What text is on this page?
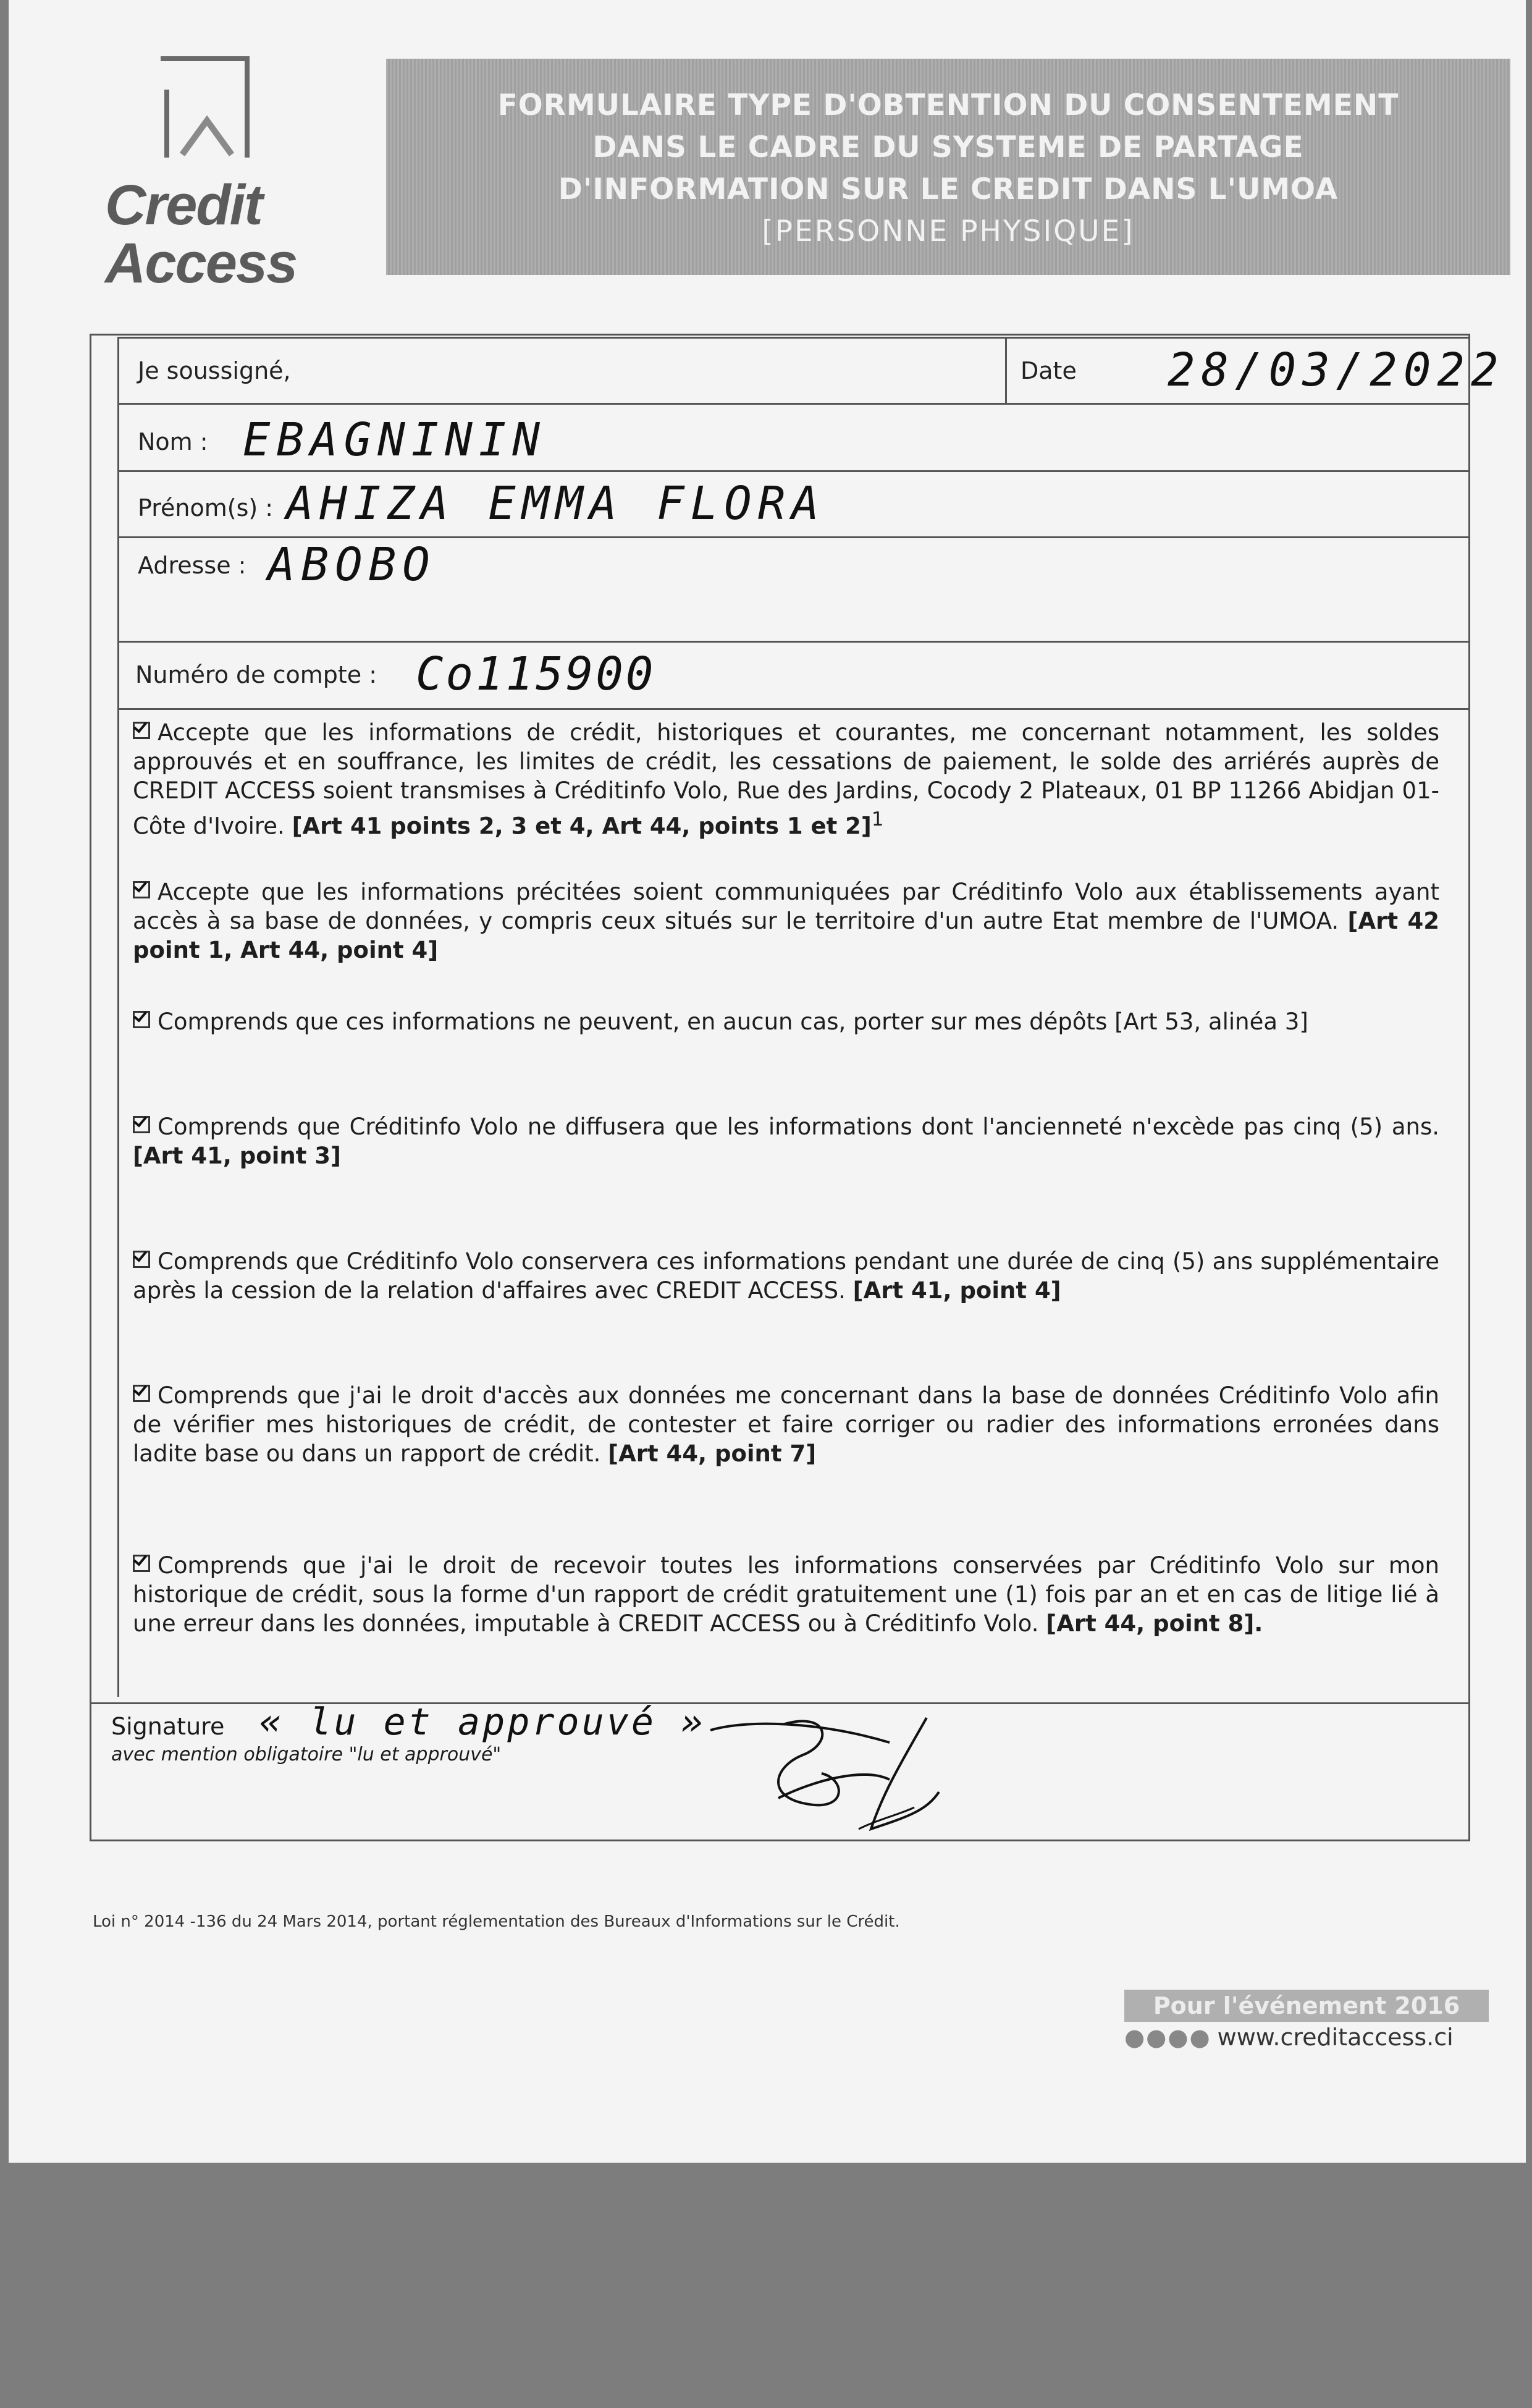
Credit
Access
FORMULAIRE TYPE D'OBTENTION DU CONSENTEMENT
DANS LE CADRE DU SYSTEME DE PARTAGE
D'INFORMATION SUR LE CREDIT DANS L'UMOA
[PERSONNE PHYSIQUE]
Je soussigné,	Date 28/03/2022
Nom : EBAGNININ
Prénom(s) : AHIZA EMMA FLORA
Adresse : ABOBO
Numéro de compte : Co115900
Accepte que les informations de crédit, historiques et courantes, me concernant notamment, les soldes approuvés et en souffrance, les limites de crédit, les cessations de paiement, le solde des arriérés auprès de CREDIT ACCESS soient transmises à Créditinfo Volo, Rue des Jardins, Cocody 2 Plateaux, 01 BP 11266 Abidjan 01- Côte d'Ivoire. [Art 41 points 2, 3 et 4, Art 44, points 1 et 2]$^1$
Accepte que les informations précitées soient communiquées par Créditinfo Volo aux établissements ayant accès à sa base de données, y compris ceux situés sur le territoire d'un autre Etat membre de l'UMOA. [Art 42 point 1, Art 44, point 4]
Comprends que ces informations ne peuvent, en aucun cas, porter sur mes dépôts [Art 53, alinéa 3]
Comprends que Créditinfo Volo ne diffusera que les informations dont l'ancienneté n'excède pas cinq (5) ans. [Art 41, point 3]
Comprends que Créditinfo Volo conservera ces informations pendant une durée de cinq (5) ans supplémentaire après la cession de la relation d'affaires avec CREDIT ACCESS. [Art 41, point 4]
Comprends que j'ai le droit d'accès aux données me concernant dans la base de données Créditinfo Volo afin de vérifier mes historiques de crédit, de contester et faire corriger ou radier des informations erronées dans ladite base ou dans un rapport de crédit. [Art 44, point 7]
Comprends que j'ai le droit de recevoir toutes les informations conservées par Créditinfo Volo sur mon historique de crédit, sous la forme d'un rapport de crédit gratuitement une (1) fois par an et en cas de litige lié à une erreur dans les données, imputable à CREDIT ACCESS ou à Créditinfo Volo. [Art 44, point 8].
Signature
avec mention obligatoire "lu et approuvé"
« lu et approuvé »
Loi n° 2014 -136 du 24 Mars 2014, portant réglementation des Bureaux d'Informations sur le Crédit.
Pour l'événement 2016
●●●● www.creditaccess.ci
